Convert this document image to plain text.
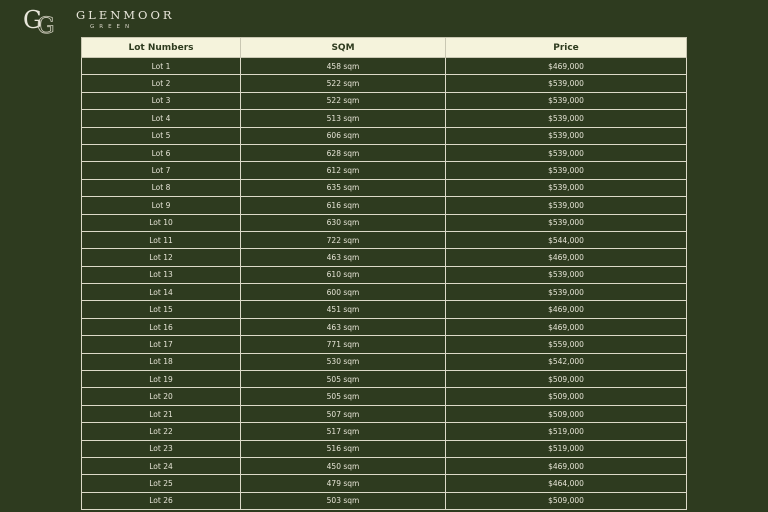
G
G GLENMOOR
GREEN
Lot Numbers	SQM	Price
Lot 1	458 sqm	$469,000
Lot 2	522 sqm	$539,000
Lot 3	522 sqm	$539,000
Lot 4	513 sqm	$539,000
Lot 5	606 sqm	$539,000
Lot 6	628 sqm	$539,000
Lot 7	612 sqm	$539,000
Lot 8	635 sqm	$539,000
Lot 9	616 sqm	$539,000
Lot 10	630 sqm	$539,000
Lot 11	722 sqm	$544,000
Lot 12	463 sqm	$469,000
Lot 13	610 sqm	$539,000
Lot 14	600 sqm	$539,000
Lot 15	451 sqm	$469,000
Lot 16	463 sqm	$469,000
Lot 17	771 sqm	$559,000
Lot 18	530 sqm	$542,000
Lot 19	505 sqm	$509,000
Lot 20	505 sqm	$509,000
Lot 21	507 sqm	$509,000
Lot 22	517 sqm	$519,000
Lot 23	516 sqm	$519,000
Lot 24	450 sqm	$469,000
Lot 25	479 sqm	$464,000
Lot 26	503 sqm	$509,000
